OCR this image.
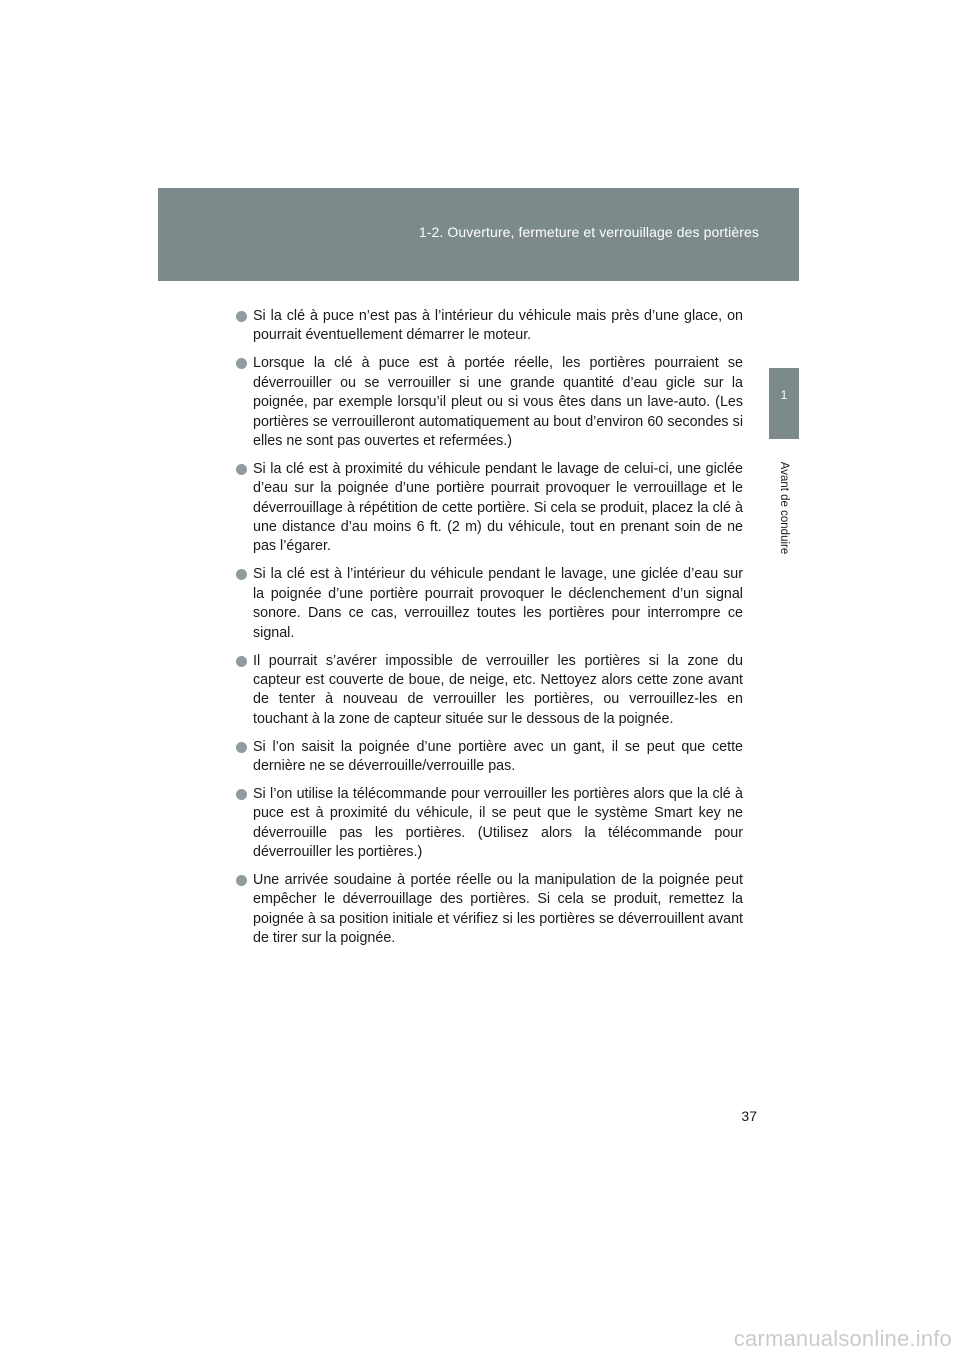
1-2. Ouverture, fermeture et verrouillage des portières
1
Avant de conduire
Si la clé à puce n’est pas à l’intérieur du véhicule mais près d’une glace, on pourrait éventuellement démarrer le moteur.
Lorsque la clé à puce est à portée réelle, les portières pourraient se déverrouiller ou se verrouiller si une grande quantité d’eau gicle sur la poignée, par exemple lorsqu’il pleut ou si vous êtes dans un lave-auto. (Les portières se verrouilleront automatiquement au bout d’environ 60 secondes si elles ne sont pas ouvertes et refermées.)
Si la clé est à proximité du véhicule pendant le lavage de celui-ci, une giclée d’eau sur la poignée d’une portière pourrait provoquer le verrouillage et le déverrouillage à répétition de cette portière. Si cela se produit, placez la clé à une distance d’au moins 6 ft. (2 m) du véhicule, tout en prenant soin de ne pas l’égarer.
Si la clé est à l’intérieur du véhicule pendant le lavage, une giclée d’eau sur la poignée d’une portière pourrait provoquer le déclenchement d’un signal sonore. Dans ce cas, verrouillez toutes les portières pour interrompre ce signal.
Il pourrait s’avérer impossible de verrouiller les portières si la zone du capteur est couverte de boue, de neige, etc. Nettoyez alors cette zone avant de tenter à nouveau de verrouiller les portières, ou verrouillez-les en touchant à la zone de capteur située sur le dessous de la poignée.
Si l’on saisit la poignée d’une portière avec un gant, il se peut que cette dernière ne se déverrouille/verrouille pas.
Si l’on utilise la télécommande pour verrouiller les portières alors que la clé à puce est à proximité du véhicule, il se peut que le système Smart key ne déverrouille pas les portières. (Utilisez alors la télécommande pour déverrouiller les portières.)
Une arrivée soudaine à portée réelle ou la manipulation de la poignée peut empêcher le déverrouillage des portières. Si cela se produit, remettez la poignée à sa position initiale et vérifiez si les portières se déverrouillent avant de tirer sur la poignée.
37
carmanualsonline.info
